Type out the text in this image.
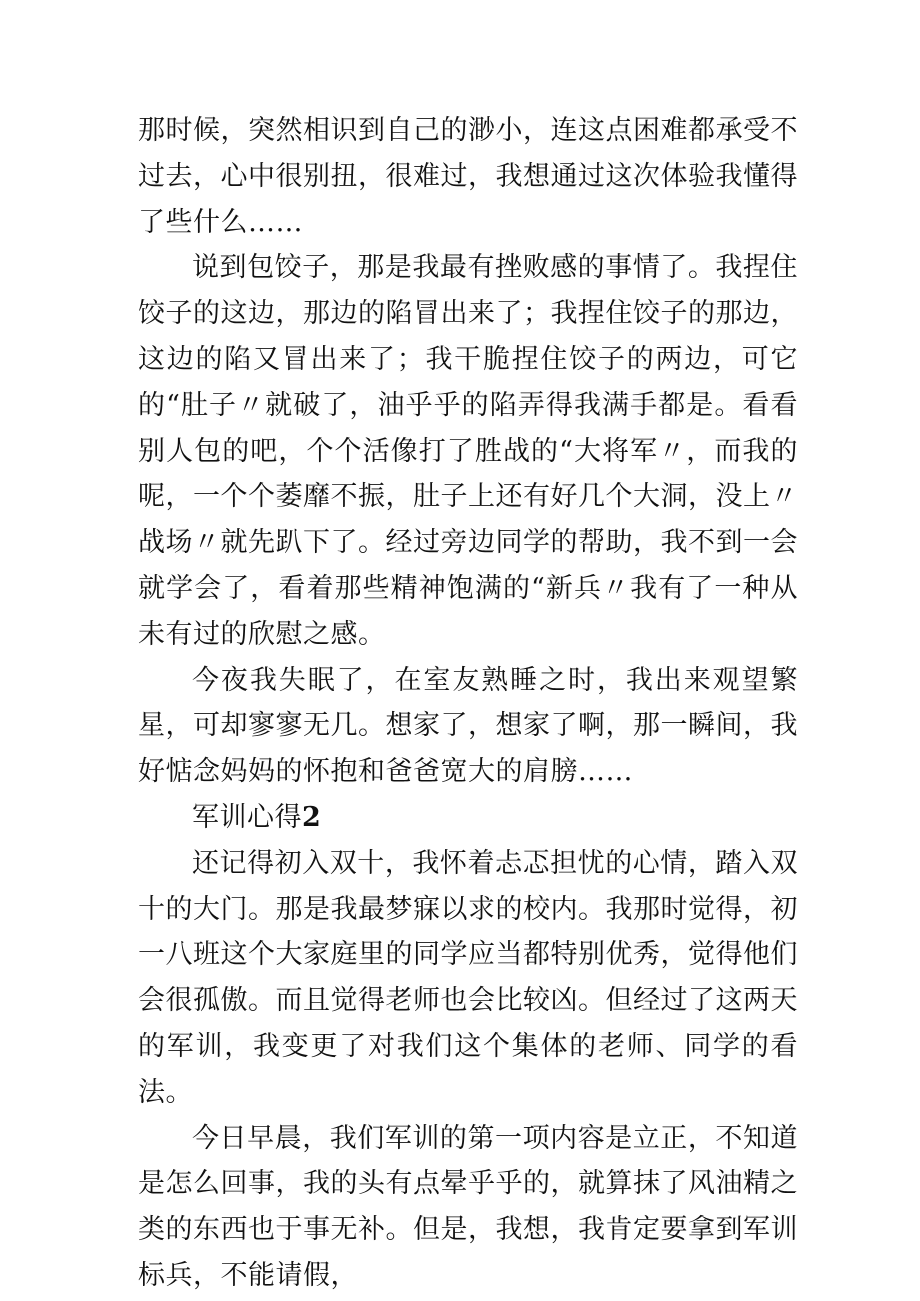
那时候，突然相识到自己的渺小，连这点困难都承受不过去，心中很别扭，很难过，我想通过这次体验我懂得了些什么……

说到包饺子，那是我最有挫败感的事情了。我捏住饺子的这边，那边的陷冒出来了；我捏住饺子的那边，这边的陷又冒出来了；我干脆捏住饺子的两边，可它的“肚子〃就破了，油乎乎的陷弄得我满手都是。看看别人包的吧，个个活像打了胜战的“大将军〃，而我的呢，一个个萎靡不振，肚子上还有好几个大洞，没上〃战场〃就先趴下了。经过旁边同学的帮助，我不到一会就学会了，看着那些精神饱满的“新兵〃我有了一种从未有过的欣慰之感。

今夜我失眠了，在室友熟睡之时，我出来观望繁星，可却寥寥无几。想家了，想家了啊，那一瞬间，我好惦念妈妈的怀抱和爸爸宽大的肩膀……

军训心得2

还记得初入双十，我怀着忐忑担忧的心情，踏入双十的大门。那是我最梦寐以求的校内。我那时觉得，初一八班这个大家庭里的同学应当都特别优秀，觉得他们会很孤傲。而且觉得老师也会比较凶。但经过了这两天的军训，我变更了对我们这个集体的老师、同学的看法。

今日早晨，我们军训的第一项内容是立正，不知道是怎么回事，我的头有点晕乎乎的，就算抹了风油精之类的东西也于事无补。但是，我想，我肯定要拿到军训标兵，不能请假，
